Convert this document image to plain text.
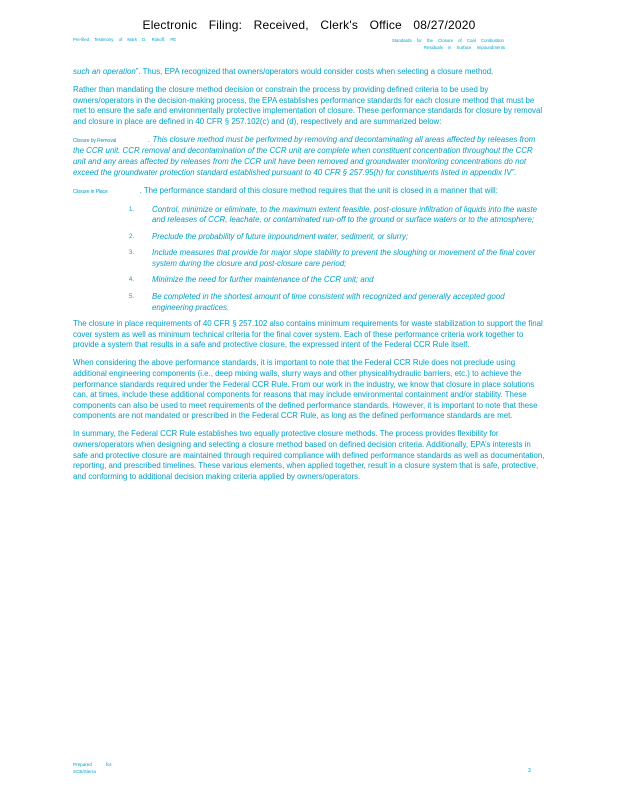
Electronic Filing: Received, Clerk's Office 08/27/2020
Pre-filed Testimony of Mark D. Rokoff, PE	Standards for the Closure of Coal Combustion
Residuals in Surface Impoundments

such an operation”. Thus, EPA recognized that owners/operators would consider costs when selecting a closure method.

Rather than mandating the closure method decision or constrain the process by providing defined criteria to be used by owners/operators in the decision-making process, the EPA establishes performance standards for each closure method that must be met to ensure the safe and environmentally protective implementation of closure. These performance standards for closure by removal and closure in place are defined in 40 CFR § 257.102(c) and (d), respectively and are summarized below:

Closure by Removal	. This closure method must be performed by removing and decontaminating all areas affected by releases from the CCR unit. CCR removal and decontamination of the CCR unit are complete when constituent concentration throughout the CCR unit and any areas affected by releases from the CCR unit have been removed and groundwater monitoring concentrations do not exceed the groundwater protection standard established pursuant to 40 CFR § 257.95(h) for constituents listed in appendix IV”.

Closure in Place	. The performance standard of this closure method requires that the unit is closed in a manner that will:

1.	Control, minimize or eliminate, to the maximum extent feasible, post-closure infiltration of liquids into the waste and releases of CCR, leachate, or contaminated run-off to the ground or surface waters or to the atmosphere;
2.	Preclude the probability of future impoundment water, sediment, or slurry;
3.	Include measures that provide for major slope stability to prevent the sloughing or movement of the final cover system during the closure and post-closure care period;
4.	Minimize the need for further maintenance of the CCR unit; and
5.	Be completed in the shortest amount of time consistent with recognized and generally accepted good engineering practices.

The closure in place requirements of 40 CFR § 257.102 also contains minimum requirements for waste stabilization to support the final cover system as well as minimum technical criteria for the final cover system. Each of these performance criteria work together to provide a system that results in a safe and protective closure, the expressed intent of the Federal CCR Rule itself.

When considering the above performance standards, it is important to note that the Federal CCR Rule does not preclude using additional engineering components (i.e., deep mixing walls, slurry ways and other physical/hydraulic barriers, etc.) to achieve the performance standards required under the Federal CCR Rule. From our work in the industry, we know that closure in place solutions can, at times, include these additional components for reasons that may include environmental containment and/or stability. These components can also be used to meet requirements of the defined performance standards. However, it is important to note that these components are not mandated or prescribed in the Federal CCR Rule, as long as the defined performance standards are met.

In summary, the Federal CCR Rule establishes two equally protective closure methods. The process provides flexibility for owners/operators when designing and selecting a closure method based on defined decision criteria. Additionally, EPA’s interests in safe and protective closure are maintained through required compliance with defined performance standards as well as documentation, reporting, and prescribed timelines. These various elements, when applied together, result in a closure system that is safe, protective, and conforming to additional decision making criteria applied by owners/operators.

Prepared	for:
SCB/Sierra	3
